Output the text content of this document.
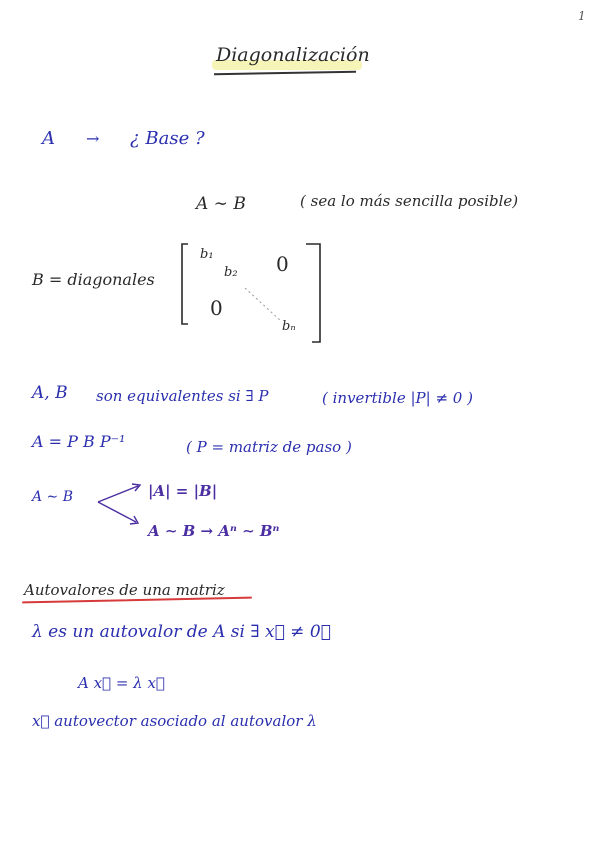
1
Diagonalización
A → ¿ Base ?
A ∼ B	( sea lo más sencilla posible)
B = diagonales
b₁
b₂
bₙ
0
0
A, B son equivalentes si ∃ P	( invertible |P| ≠ 0 )
A = P B P⁻¹	( P = matriz de paso )
A ∼ B	|A| = |B|
A ∼ B → Aⁿ ∼ Bⁿ
Autovalores de una matriz
λ es un autovalor de A si ∃ x⃗ ≠ 0⃗
A x⃗ = λ x⃗
x⃗ autovector asociado al autovalor λ
